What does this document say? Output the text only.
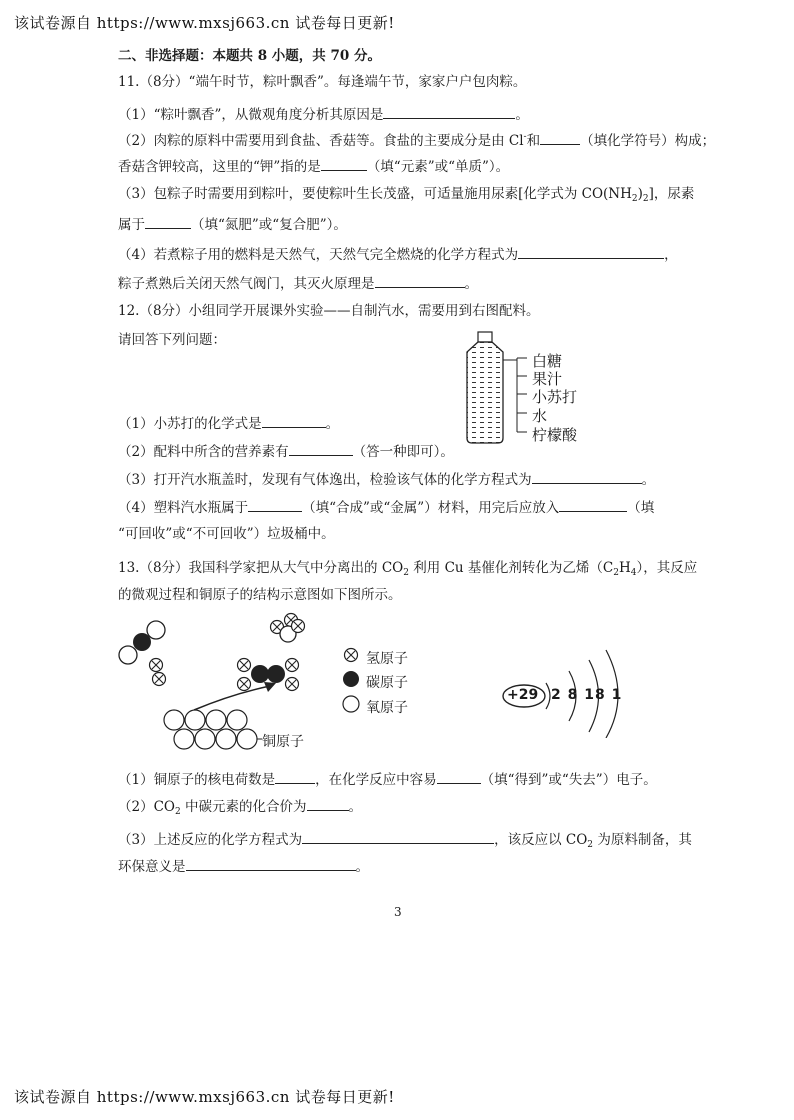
该试卷源自 https://www.mxsj663.cn 试卷每日更新!
二、非选择题：本题共 8 小题，共 70 分。
11.（8分）“端午时节，粽叶飘香”。每逢端午节，家家户户包肉粽。
（1）“粽叶飘香”，从微观角度分析其原因是	。
（2）肉粽的原料中需要用到食盐、香菇等。食盐的主要成分是由 Cl-和	（填化学符号）构成；
香菇含钾较高，这里的“钾”指的是	（填“元素”或“单质”）。
（3）包粽子时需要用到粽叶，要使粽叶生长茂盛，可适量施用尿素[化学式为 $CO(NH_2)_2$]，尿素
属于	（填“氮肥”或“复合肥”）。
（4）若煮粽子用的燃料是天然气，天然气完全燃烧的化学方程式为	，
粽子煮熟后关闭天然气阀门，其灭火原理是	。
12.（8分）小组同学开展课外实验——自制汽水，需要用到右图配料。
请回答下列问题：
白糖
果汁
小苏打
水
柠檬酸
（1）小苏打的化学式是	。
（2）配料中所含的营养素有	（答一种即可）。
（3）打开汽水瓶盖时，发现有气体逸出，检验该气体的化学方程式为	。
（4）塑料汽水瓶属于	（填“合成”或“金属”）材料，用完后应放入	（填
“可回收”或“不可回收”）垃圾桶中。
13.（8分）我国科学家把从大气中分离出的 $CO_2$ 利用 Cu 基催化剂转化为乙烯$(C_2H_4)$，其反应
的微观过程和铜原子的结构示意图如下图所示。
铜原子
氢原子
碳原子
氧原子
+29 2 8 18 1
（1）铜原子的核电荷数是	，在化学反应中容易	（填“得到”或“失去”）电子。
$(2)CO_2$ 中碳元素的化合价为	。
（3）上述反应的化学方程式为	，该反应以 $CO_2$ 为原料制备，其
环保意义是	。
3
该试卷源自 https://www.mxsj663.cn 试卷每日更新!
